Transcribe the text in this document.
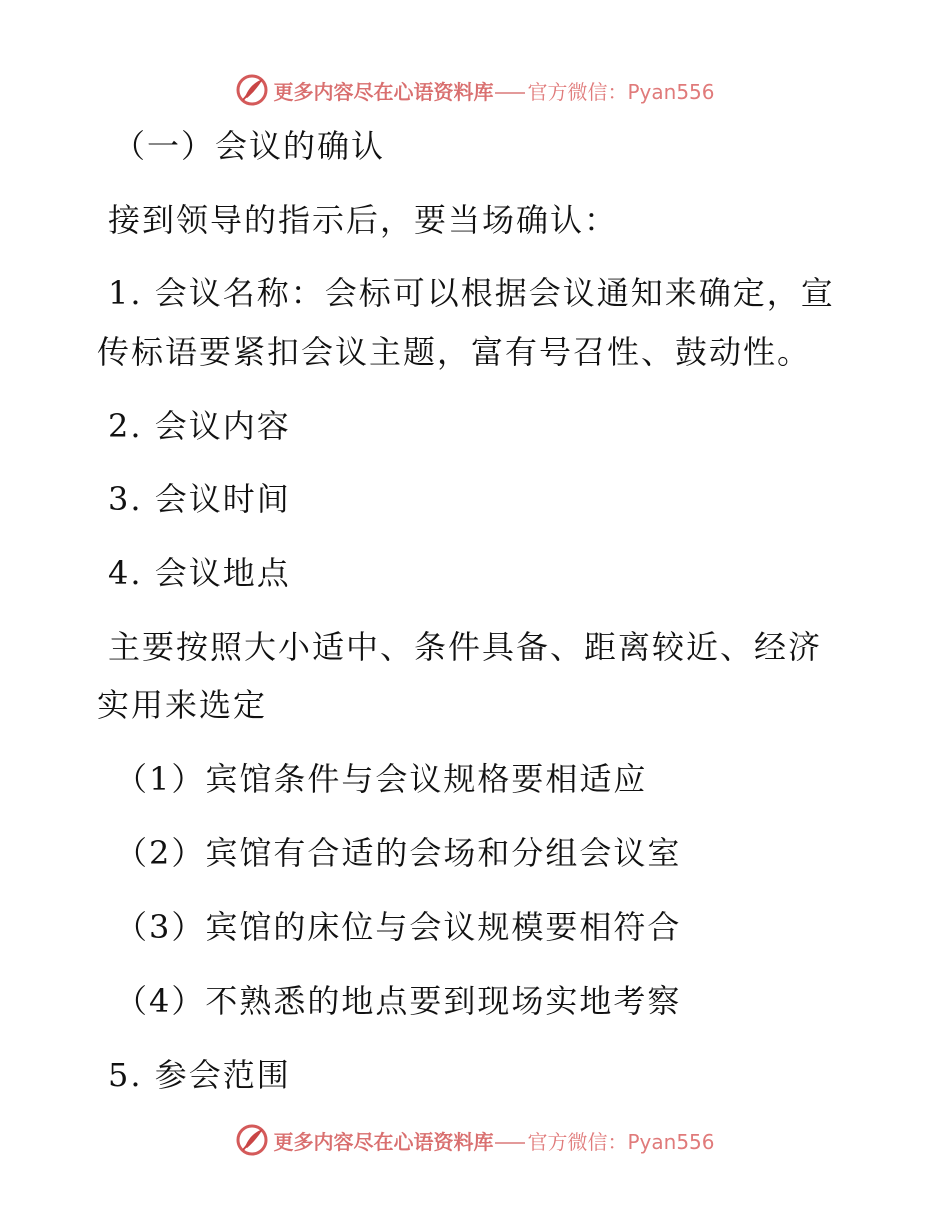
更多内容尽在心语资料库 官方微信：Pyan556
（一）会议的确认
接到领导的指示后，要当场确认：
1. 会议名称：会标可以根据会议通知来确定，宣
传标语要紧扣会议主题，富有号召性、鼓动性。
2. 会议内容
3. 会议时间
4. 会议地点
主要按照大小适中、条件具备、距离较近、经济
实用来选定
（1）宾馆条件与会议规格要相适应
（2）宾馆有合适的会场和分组会议室
（3）宾馆的床位与会议规模要相符合
（4）不熟悉的地点要到现场实地考察
5. 参会范围
更多内容尽在心语资料库 官方微信：Pyan556
